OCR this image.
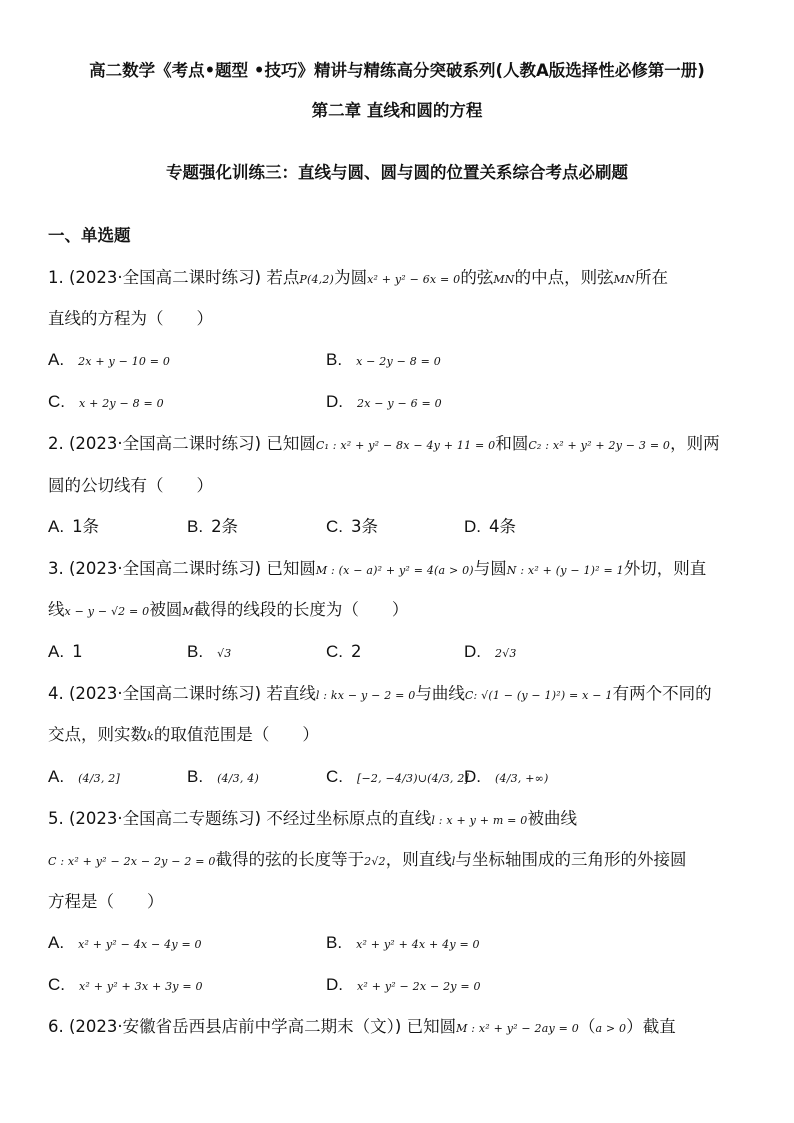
高二数学《考点•题型 •技巧》精讲与精练高分突破系列(人教A版选择性必修第一册)
第二章 直线和圆的方程
专题强化训练三：直线与圆、圆与圆的位置关系综合考点必刷题
一、单选题
1. (2023·全国高二课时练习) 若点P(4,2)为圆x² + y² − 6x = 0的弦MN的中点，则弦MN所在
直线的方程为（　　）
A. 2x + y − 10 = 0	B. x − 2y − 8 = 0
C. x + 2y − 8 = 0	D. 2x − y − 6 = 0
2. (2023·全国高二课时练习) 已知圆C₁ : x² + y² − 8x − 4y + 11 = 0和圆C₂ : x² + y² + 2y − 3 = 0，则两
圆的公切线有（　　）
A. 1条	B. 2条	C. 3条	D. 4条
3. (2023·全国高二课时练习) 已知圆M : (x − a)² + y² = 4(a > 0)与圆N : x² + (y − 1)² = 1外切，则直
线x − y − √2 = 0被圆M截得的线段的长度为（　　）
A. 1	B. √3	C. 2	D. 2√3
4. (2023·全国高二课时练习) 若直线l : kx − y − 2 = 0与曲线C: √(1 − (y − 1)²) = x − 1有两个不同的
交点，则实数k的取值范围是（　　）
A. (4/3, 2]	B. (4/3, 4)	C. [−2, −4/3)∪(4/3, 2]
D. (4/3, +∞)
5. (2023·全国高二专题练习) 不经过坐标原点的直线l : x + y + m = 0被曲线
C : x² + y² − 2x − 2y − 2 = 0截得的弦的长度等于2√2，则直线l与坐标轴围成的三角形的外接圆
方程是（　　）
A. x² + y² − 4x − 4y = 0	B. x² + y² + 4x + 4y = 0
C. x² + y² + 3x + 3y = 0	D. x² + y² − 2x − 2y = 0
6. (2023·安徽省岳西县店前中学高二期末（文）) 已知圆M : x² + y² − 2ay = 0（a > 0）截直
